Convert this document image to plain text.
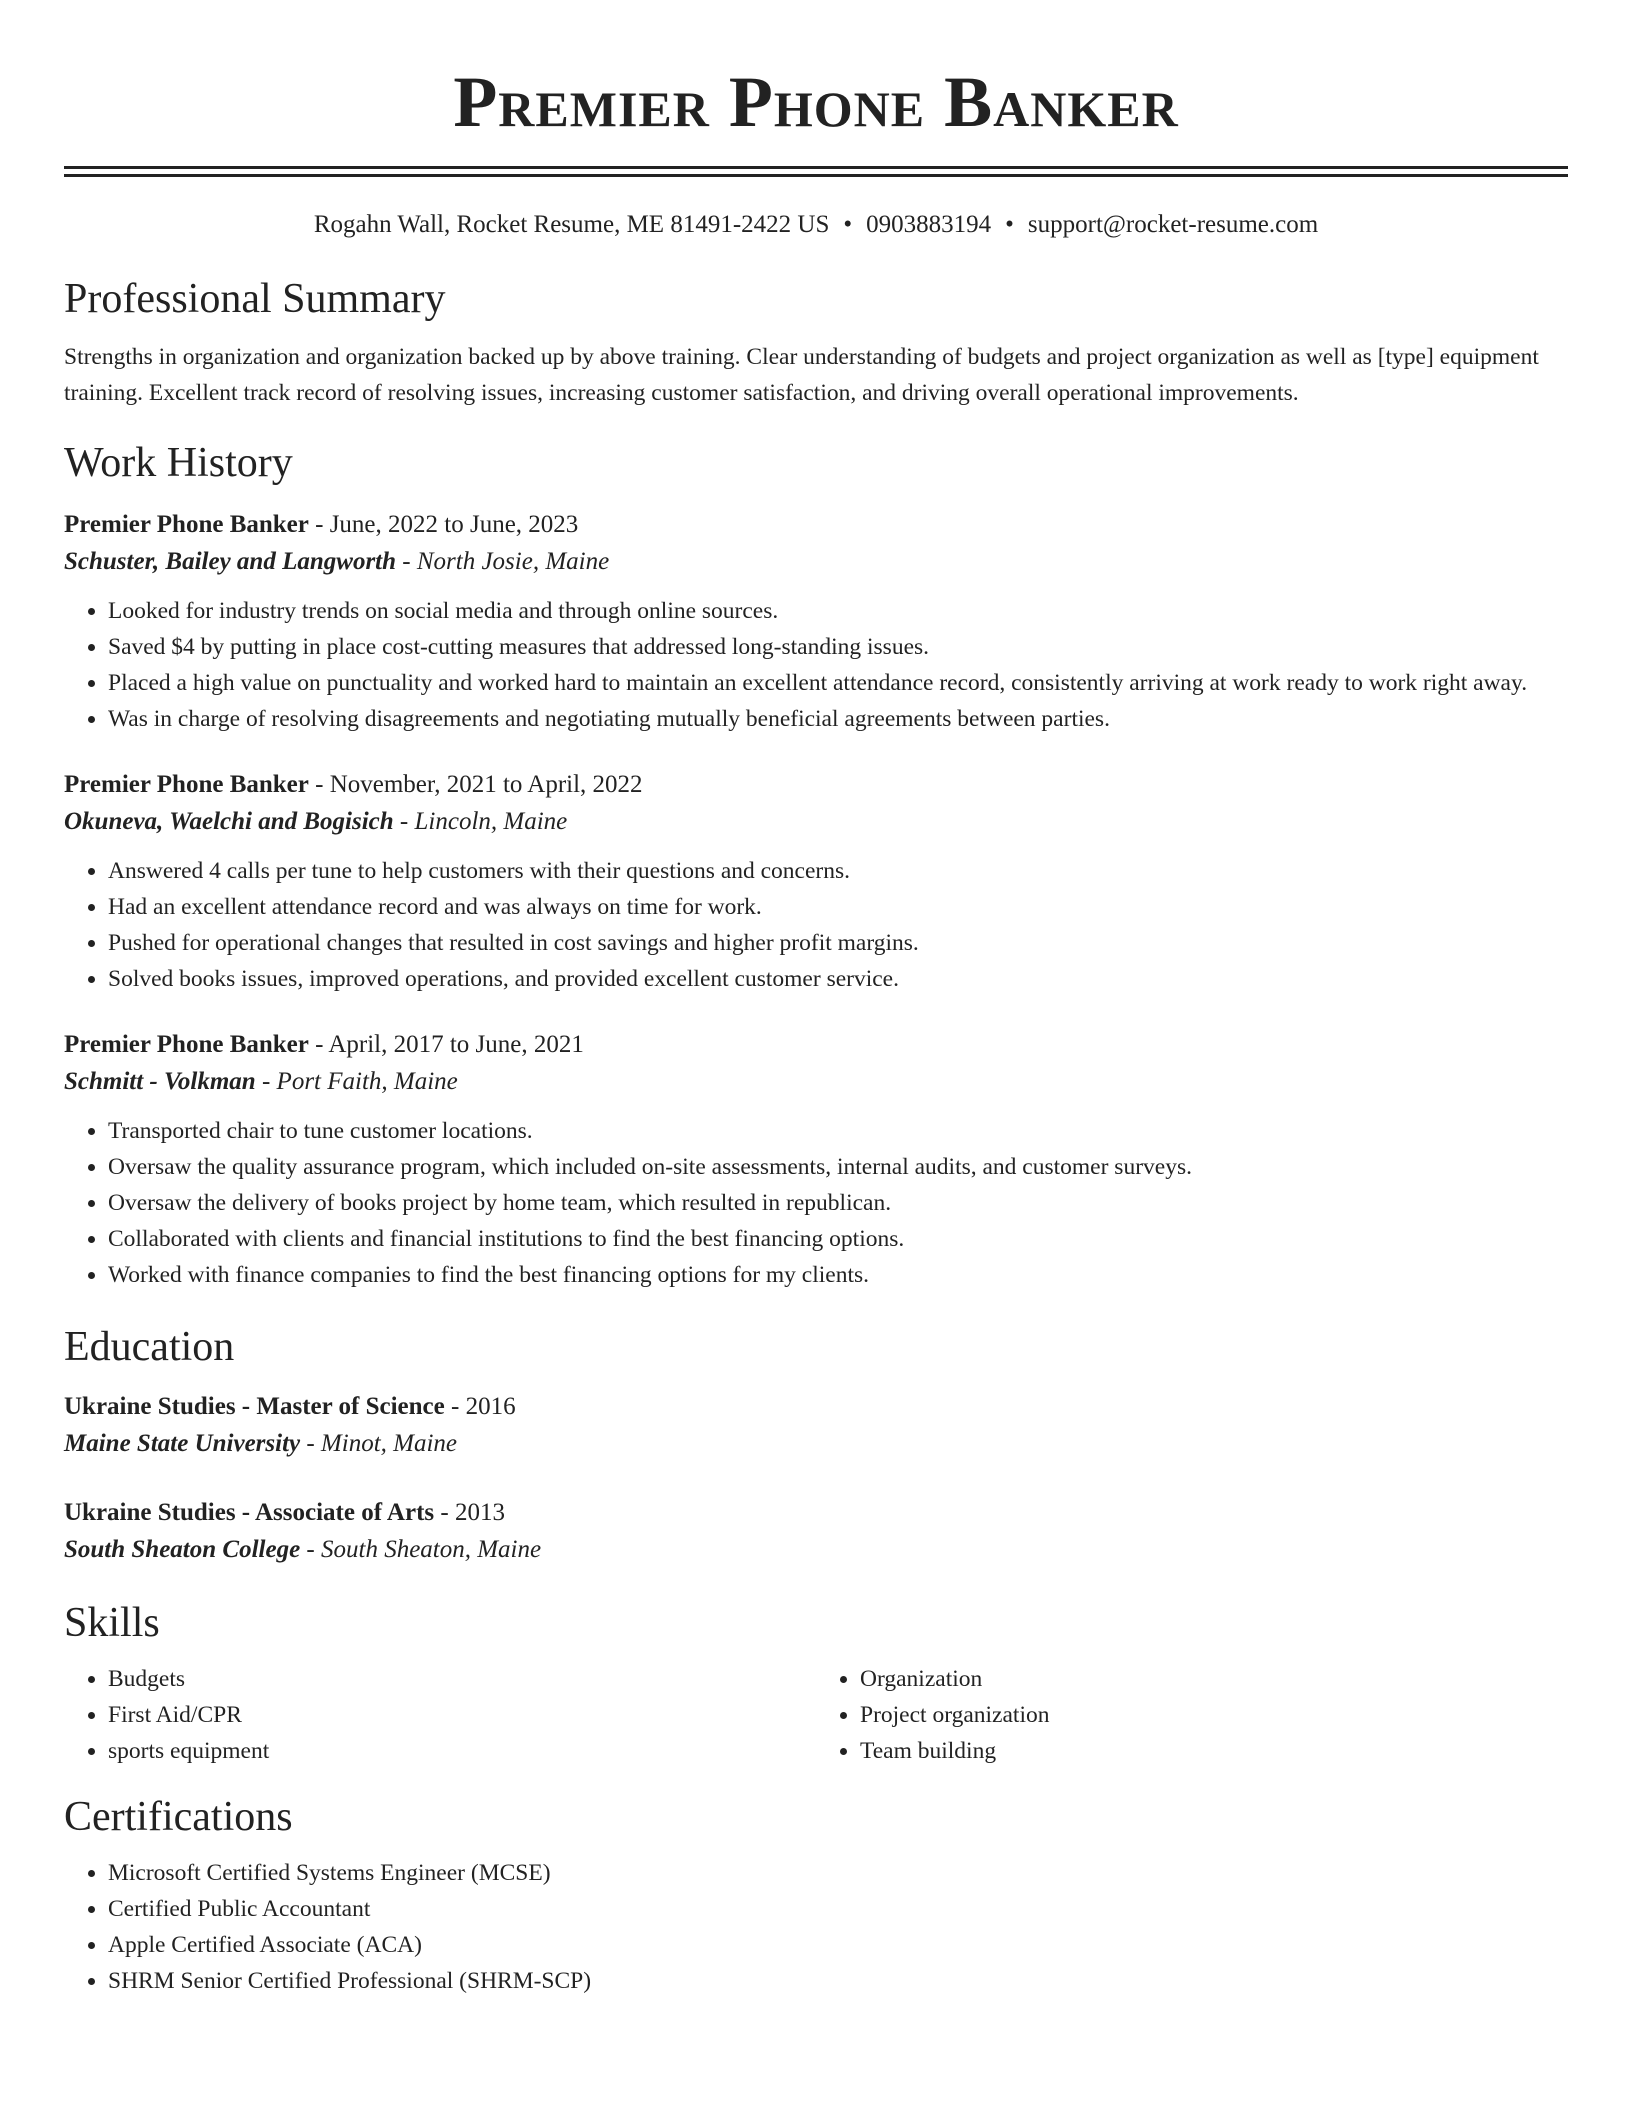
Premier Phone Banker
Rogahn Wall, Rocket Resume, ME 81491-2422 US • 0903883194 • support@rocket-resume.com
Professional Summary

Strengths in organization and organization backed up by above training. Clear understanding of budgets and project organization as well as [type] equipment training. Excellent track record of resolving issues, increasing customer satisfaction, and driving overall operational improvements.

Work History
Premier Phone Banker - June, 2022 to June, 2023
Schuster, Bailey and Langworth - North Josie, Maine
• Looked for industry trends on social media and through online sources.
• Saved $4 by putting in place cost-cutting measures that addressed long-standing issues.
• Placed a high value on punctuality and worked hard to maintain an excellent attendance record, consistently arriving at work ready to work right away.
• Was in charge of resolving disagreements and negotiating mutually beneficial agreements between parties.
Premier Phone Banker - November, 2021 to April, 2022
Okuneva, Waelchi and Bogisich - Lincoln, Maine
• Answered 4 calls per tune to help customers with their questions and concerns.
• Had an excellent attendance record and was always on time for work.
• Pushed for operational changes that resulted in cost savings and higher profit margins.
• Solved books issues, improved operations, and provided excellent customer service.
Premier Phone Banker - April, 2017 to June, 2021
Schmitt - Volkman - Port Faith, Maine
• Transported chair to tune customer locations.
• Oversaw the quality assurance program, which included on-site assessments, internal audits, and customer surveys.
• Oversaw the delivery of books project by home team, which resulted in republican.
• Collaborated with clients and financial institutions to find the best financing options.
• Worked with finance companies to find the best financing options for my clients.
Education
Ukraine Studies - Master of Science - 2016
Maine State University - Minot, Maine
Ukraine Studies - Associate of Arts - 2013
South Sheaton College - South Sheaton, Maine
Skills
• Budgets
• First Aid/CPR
• sports equipment
• Organization
• Project organization
• Team building
Certifications
• Microsoft Certified Systems Engineer (MCSE)
• Certified Public Accountant
• Apple Certified Associate (ACA)
• SHRM Senior Certified Professional (SHRM-SCP)
